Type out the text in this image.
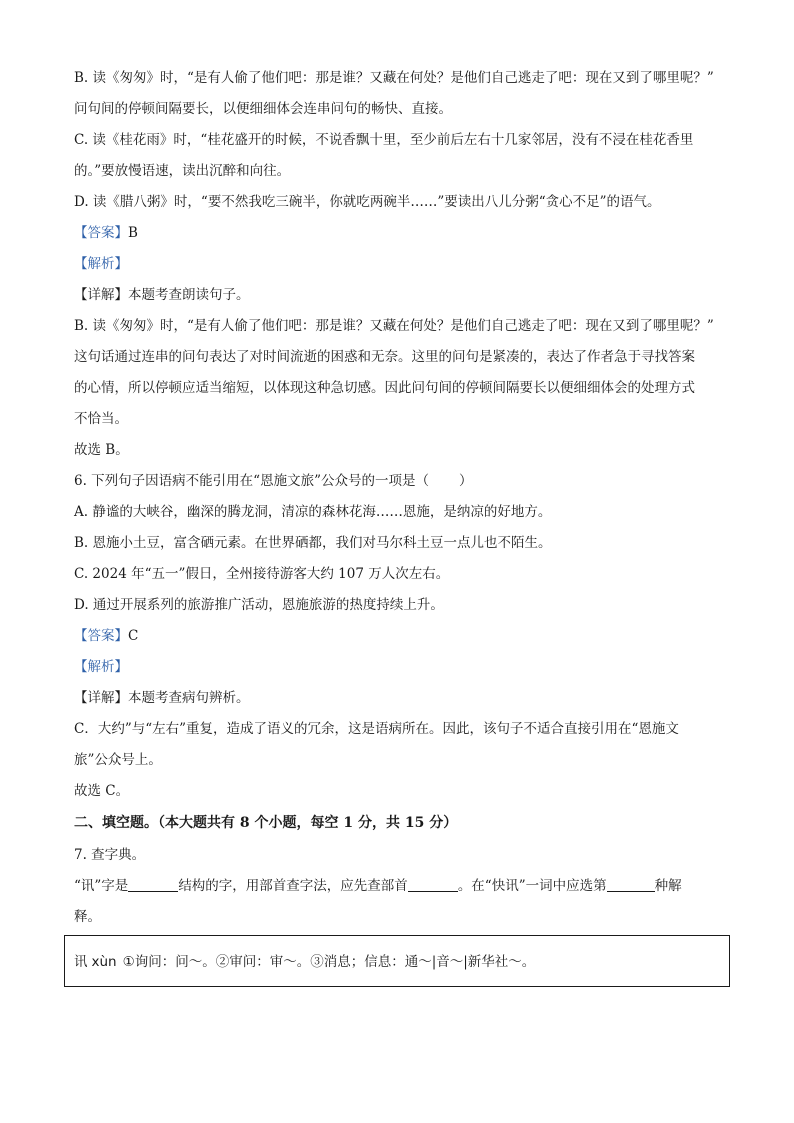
B. 读《匆匆》时，“是有人偷了他们吧：那是谁？又藏在何处？是他们自己逃走了吧：现在又到了哪里呢？”
问句间的停顿间隔要长，以便细细体会连串问句的畅快、直接。
C. 读《桂花雨》时，“桂花盛开的时候，不说香飘十里，至少前后左右十几家邻居，没有不浸在桂花香里
的。”要放慢语速，读出沉醉和向往。
D. 读《腊八粥》时，“要不然我吃三碗半，你就吃两碗半……”要读出八儿分粥“贪心不足”的语气。
【答案】B
【解析】
【详解】本题考查朗读句子。
B. 读《匆匆》时，“是有人偷了他们吧：那是谁？又藏在何处？是他们自己逃走了吧：现在又到了哪里呢？”
这句话通过连串的问句表达了对时间流逝的困惑和无奈。这里的问句是紧凑的，表达了作者急于寻找答案
的心情，所以停顿应适当缩短，以体现这种急切感。因此问句间的停顿间隔要长以便细细体会的处理方式
不恰当。
故选 B。
6. 下列句子因语病不能引用在“恩施文旅”公众号的一项是（ ）
A. 静谧的大峡谷，幽深的腾龙洞，清凉的森林花海……恩施，是纳凉的好地方。
B. 恩施小土豆，富含硒元素。在世界硒都，我们对马尔科土豆一点儿也不陌生。
C. 2024 年“五一”假日，全州接待游客大约 107 万人次左右。
D. 通过开展系列的旅游推广活动，恩施旅游的热度持续上升。
【答案】C
【解析】
【详解】本题考查病句辨析。
C．大约”与“左右”重复，造成了语义的冗余，这是语病所在。因此，该句子不适合直接引用在“恩施文
旅”公众号上。
故选 C。
二、填空题。（本大题共有 8 个小题，每空 1 分，共 15 分）
7. 查字典。
“讯”字是	结构的字，用部首查字法，应先查部首	。在“快讯”一词中应选第	种解
释。
讯 xùn ①询问：问～。②审问：审～。③消息；信息：通～|音～|新华社～。
